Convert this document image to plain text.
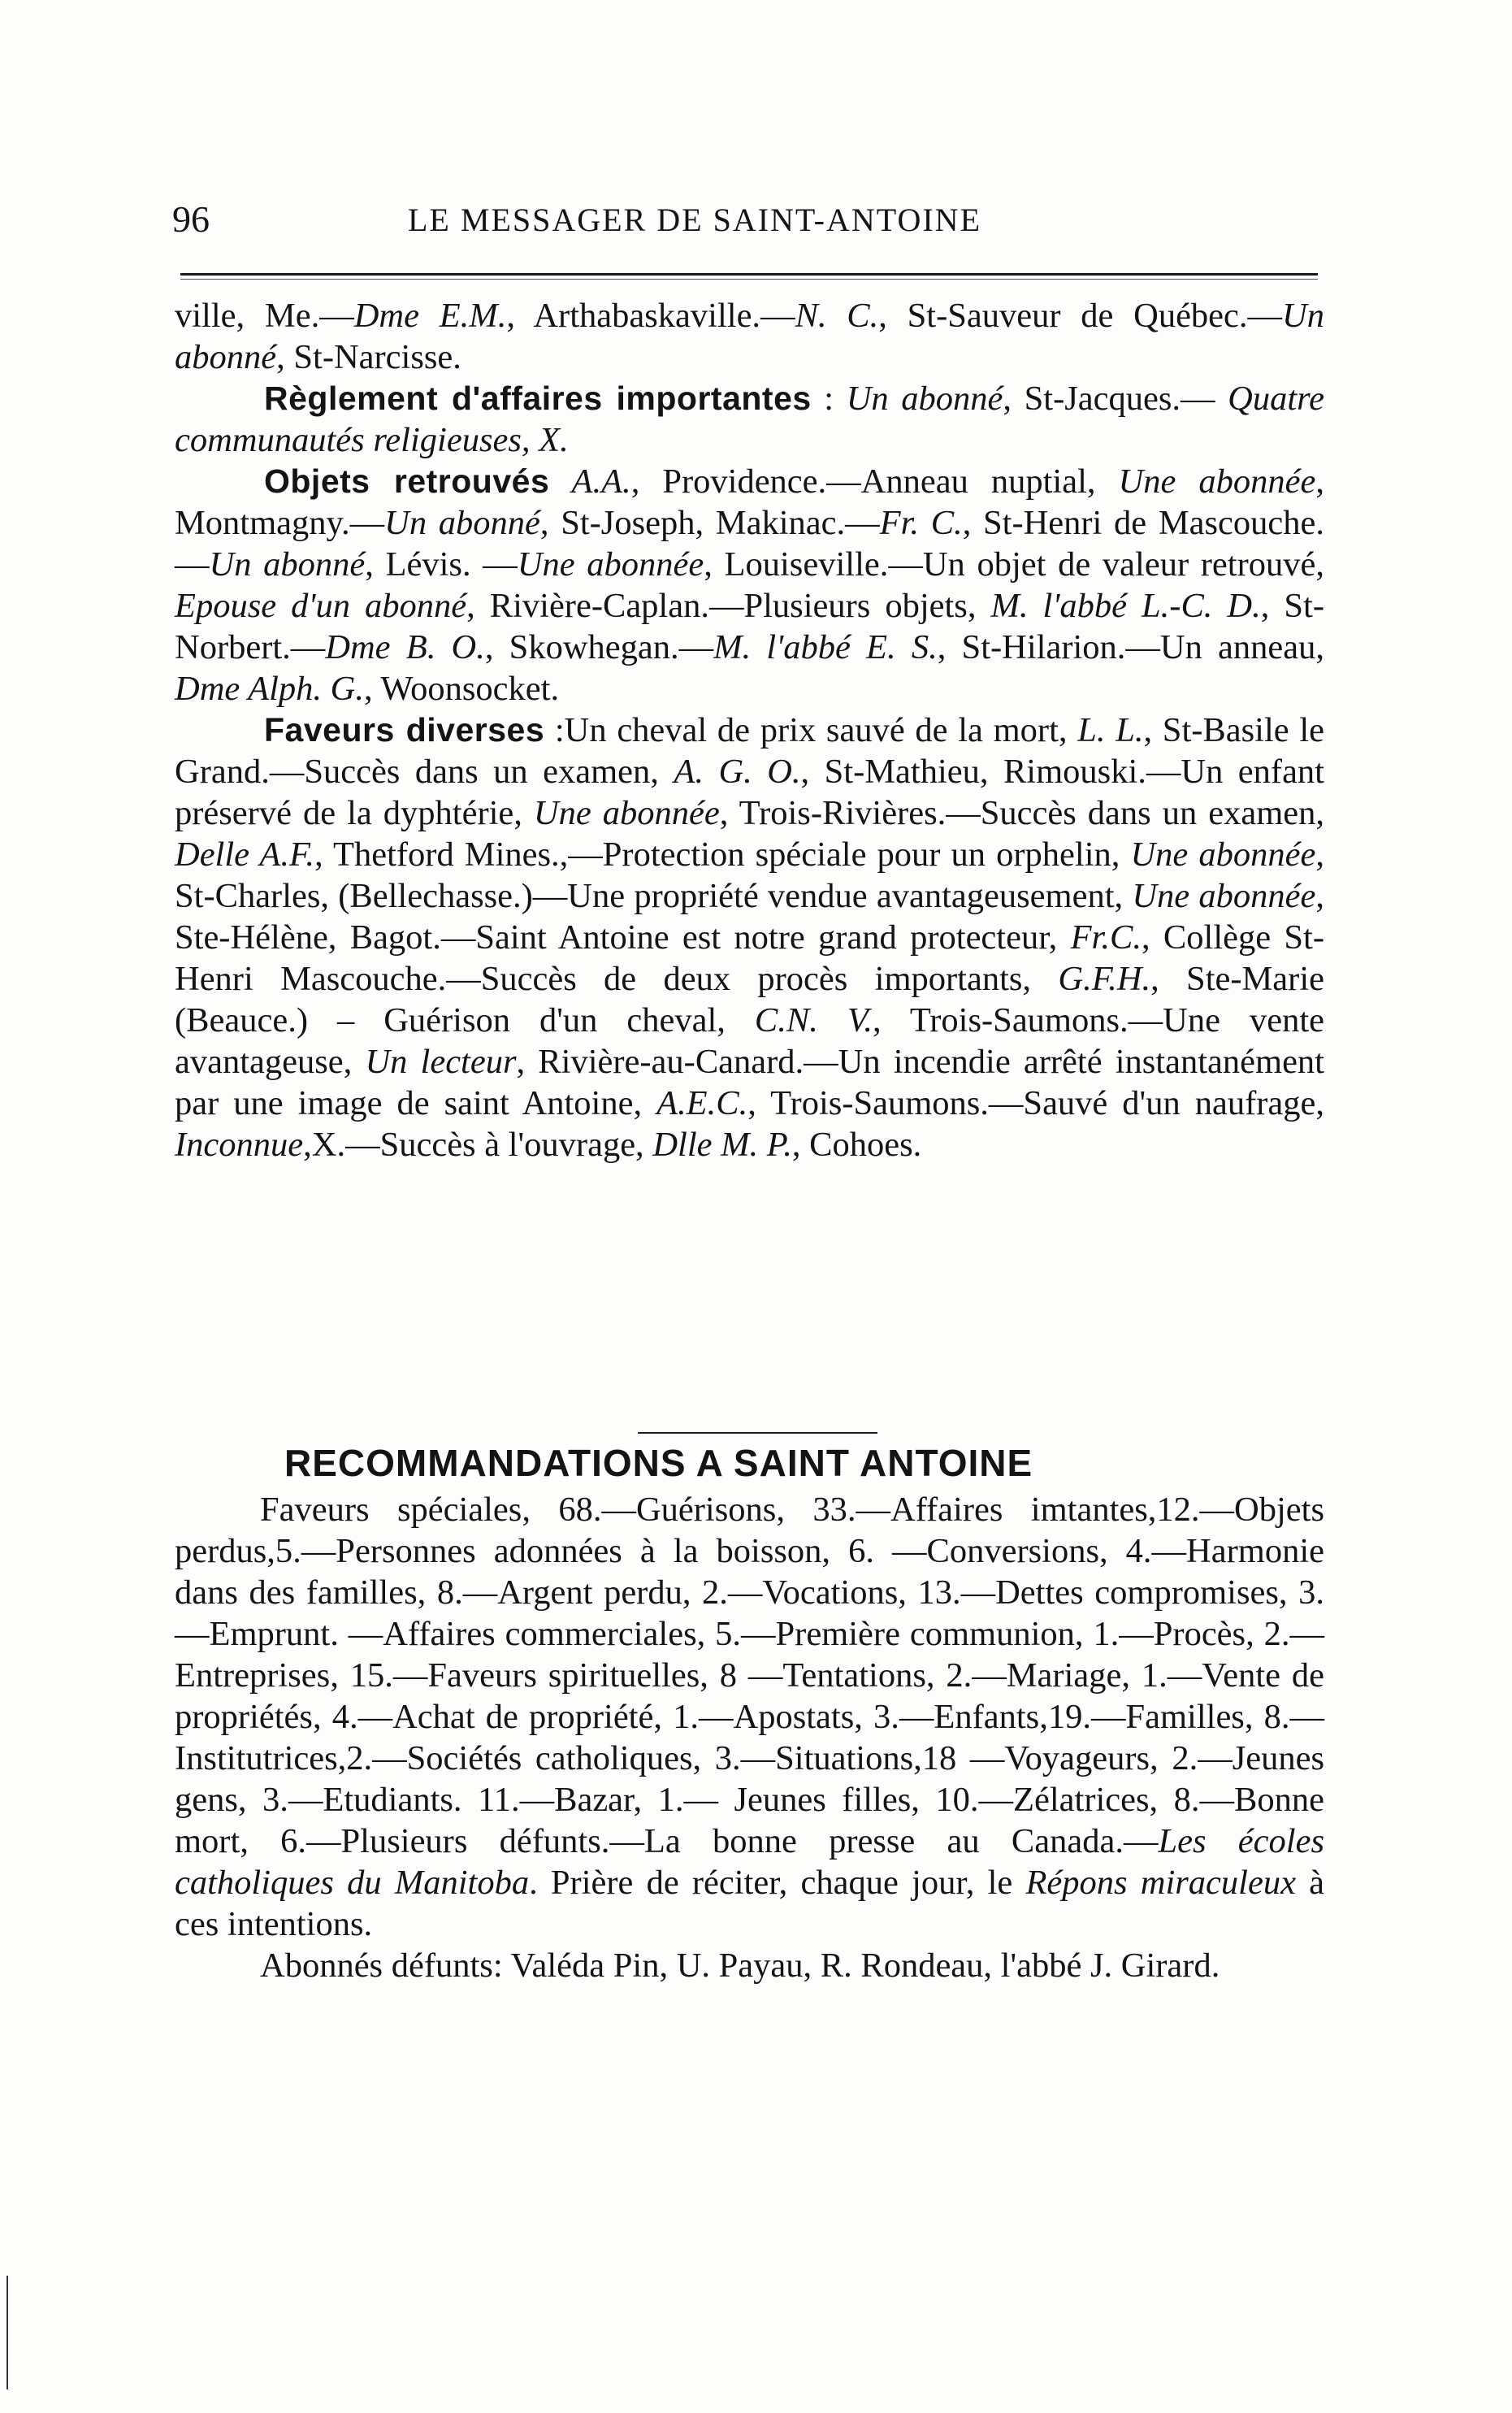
96	LE MESSAGER DE SAINT-ANTOINE

ville, Me.—Dme E.M., Arthabaskaville.—N. C., St-Sauveur de Québec.—Un abonné, St-Narcisse.

Règlement d'affaires importantes : Un abonné, St-Jacques.— Quatre communautés religieuses, X.

Objets retrouvés A.A., Providence.—Anneau nuptial, Une abonnée, Montmagny.—Un abonné, St-Joseph, Makinac.—Fr. C., St-Henri de Mascouche.—Un abonné, Lévis. —Une abonnée, Louiseville.—Un objet de valeur retrouvé, Epouse d'un abonné, Rivière-Caplan.—Plusieurs objets, M. l'abbé L.-C. D., St-Norbert.—Dme B. O., Skowhegan.—M. l'abbé E. S., St-Hilarion.—Un anneau, Dme Alph. G., Woonsocket.

Faveurs diverses :Un cheval de prix sauvé de la mort, L. L., St-Basile le Grand.—Succès dans un examen, A. G. O., St-Mathieu, Rimouski.—Un enfant préservé de la dyphtérie, Une abonnée, Trois-Rivières.—Succès dans un examen, Delle A.F., Thetford Mines.,—Protection spéciale pour un orphelin, Une abonnée, St-Charles, (Bellechasse.)—Une propriété vendue avantageusement, Une abonnée, Ste-Hélène, Bagot.—Saint Antoine est notre grand protecteur, Fr.C., Collège St-Henri Mascouche.—Succès de deux procès importants, G.F.H., Ste-Marie (Beauce.) – Guérison d'un cheval, C.N. V., Trois-Saumons.—Une vente avantageuse, Un lecteur, Rivière-au-Canard.—Un incendie arrêté instantanément par une image de saint Antoine, A.E.C., Trois-Saumons.—Sauvé d'un naufrage, Inconnue,X.—Succès à l'ouvrage, Dlle M. P., Cohoes.

RECOMMANDATIONS A SAINT ANTOINE

Faveurs spéciales, 68.—Guérisons, 33.—Affaires imtantes,12.—Objets perdus,5.—Personnes adonnées à la boisson, 6. —Conversions, 4.—Harmonie dans des familles, 8.—Argent perdu, 2.—Vocations, 13.—Dettes compromises, 3.—Emprunt. —Affaires commerciales, 5.—Première communion, 1.—Procès, 2.—Entreprises, 15.—Faveurs spirituelles, 8 —Tentations, 2.—Mariage, 1.—Vente de propriétés, 4.—Achat de propriété, 1.—Apostats, 3.—Enfants,19.—Familles, 8.—Institutrices,2.—Sociétés catholiques, 3.—Situations,18 —Voyageurs, 2.—Jeunes gens, 3.—Etudiants. 11.—Bazar, 1.— Jeunes filles, 10.—Zélatrices, 8.—Bonne mort, 6.—Plusieurs défunts.—La bonne presse au Canada.—Les écoles catholiques du Manitoba. Prière de réciter, chaque jour, le Répons miraculeux à ces intentions.

Abonnés défunts: Valéda Pin, U. Payau, R. Rondeau, l'abbé J. Girard.
